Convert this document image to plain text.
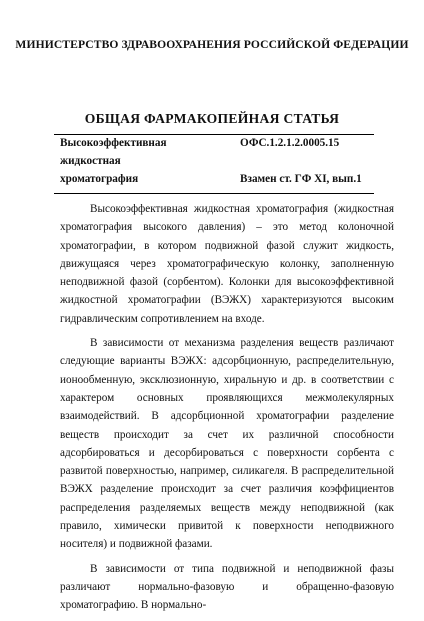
МИНИСТЕРСТВО ЗДРАВООХРАНЕНИЯ РОССИЙСКОЙ ФЕДЕРАЦИИ
ОБЩАЯ ФАРМАКОПЕЙНАЯ СТАТЬЯ
Высокоэффективная
жидкостная
хроматография
ОФС.1.2.1.2.0005.15
Взамен ст. ГФ XI, вып.1

Высокоэффективная жидкостная хроматография (жидкостная хроматография высокого давления) – это метод колоночной хроматографии, в котором подвижной фазой служит жидкость, движущаяся через хроматографическую колонку, заполненную неподвижной фазой (сорбентом). Колонки для высокоэффективной жидкостной хроматографии (ВЭЖХ) характеризуются высоким гидравлическим сопротивлением на входе.

В зависимости от механизма разделения веществ различают следующие варианты ВЭЖХ: адсорбционную, распределительную, ионообменную, эксклюзионную, хиральную и др. в соответствии с характером основных проявляющихся межмолекулярных взаимодействий. В адсорбционной хроматографии разделение веществ происходит за счет их различной способности адсорбироваться и десорбироваться с поверхности сорбента с развитой поверхностью, например, силикагеля. В распределительной ВЭЖХ разделение происходит за счет различия коэффициентов распределения разделяемых веществ между неподвижной (как правило, химически привитой к поверхности неподвижного носителя) и подвижной фазами.

В зависимости от типа подвижной и неподвижной фазы различают нормально-фазовую и обращенно-фазовую хроматографию. В нормально-
